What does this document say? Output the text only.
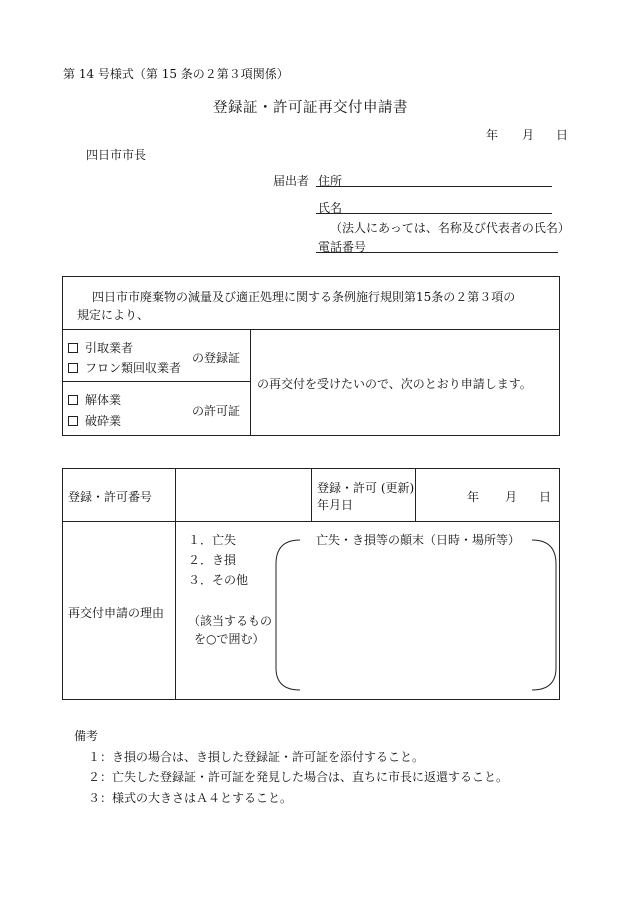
第 14 号様式（第 15 条の２第３項関係）
登録証・許可証再交付申請書
年 月 日
四日市市長
届出者 住所
氏名
（法人にあっては、名称及び代表者の氏名）
電話番号
四日市市廃棄物の減量及び適正処理に関する条例施行規則第15条の２第３項の
規定により、
引取業者
フロン類回収業者
の登録証
解体業
破砕業
の許可証
の再交付を受けたいので、次のとおり申請します。
登録・許可番号
登録・許可 (更新)
年月日
年 月 日
再交付申請の理由
１．亡失
２．き損
３．その他
（該当するもの
を○で囲む）
亡失・き損等の顛末（日時・場所等）
備考
１：き損の場合は、き損した登録証・許可証を添付すること。
２：亡失した登録証・許可証を発見した場合は、直ちに市長に返還すること。
３：様式の大きさはＡ４とすること。
